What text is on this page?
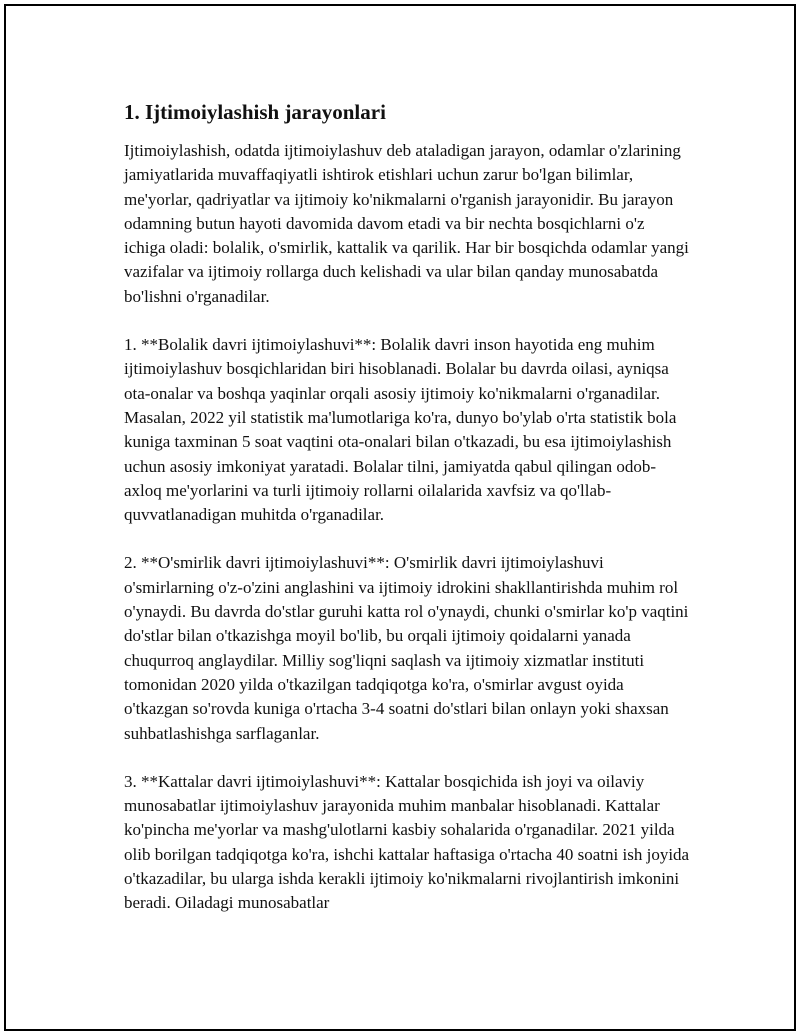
1. Ijtimoiylashish jarayonlari

Ijtimoiylashish, odatda ijtimoiylashuv deb ataladigan jarayon, odamlar o'zlarining jamiyatlarida muvaffaqiyatli ishtirok etishlari uchun zarur bo'lgan bilimlar, me'yorlar, qadriyatlar va ijtimoiy ko'nikmalarni o'rganish jarayonidir. Bu jarayon odamning butun hayoti davomida davom etadi va bir nechta bosqichlarni o'z ichiga oladi: bolalik, o'smirlik, kattalik va qarilik. Har bir bosqichda odamlar yangi vazifalar va ijtimoiy rollarga duch kelishadi va ular bilan qanday munosabatda bo'lishni o'rganadilar.

1. **Bolalik davri ijtimoiylashuvi**: Bolalik davri inson hayotida eng muhim ijtimoiylashuv bosqichlaridan biri hisoblanadi. Bolalar bu davrda oilasi, ayniqsa ota-onalar va boshqa yaqinlar orqali asosiy ijtimoiy ko'nikmalarni o'rganadilar. Masalan, 2022 yil statistik ma'lumotlariga ko'ra, dunyo bo'ylab o'rta statistik bola kuniga taxminan 5 soat vaqtini ota-onalari bilan o'tkazadi, bu esa ijtimoiylashish uchun asosiy imkoniyat yaratadi. Bolalar tilni, jamiyatda qabul qilingan odob-axloq me'yorlarini va turli ijtimoiy rollarni oilalarida xavfsiz va qo'llab-quvvatlanadigan muhitda o'rganadilar.

2. **O'smirlik davri ijtimoiylashuvi**: O'smirlik davri ijtimoiylashuvi o'smirlarning o'z-o'zini anglashini va ijtimoiy idrokini shakllantirishda muhim rol o'ynaydi. Bu davrda do'stlar guruhi katta rol o'ynaydi, chunki o'smirlar ko'p vaqtini do'stlar bilan o'tkazishga moyil bo'lib, bu orqali ijtimoiy qoidalarni yanada chuqurroq anglaydilar. Milliy sog'liqni saqlash va ijtimoiy xizmatlar instituti tomonidan 2020 yilda o'tkazilgan tadqiqotga ko'ra, o'smirlar avgust oyida o'tkazgan so'rovda kuniga o'rtacha 3-4 soatni do'stlari bilan onlayn yoki shaxsan suhbatlashishga sarflaganlar.

3. **Kattalar davri ijtimoiylashuvi**: Kattalar bosqichida ish joyi va oilaviy munosabatlar ijtimoiylashuv jarayonida muhim manbalar hisoblanadi. Kattalar ko'pincha me'yorlar va mashg'ulotlarni kasbiy sohalarida o'rganadilar. 2021 yilda olib borilgan tadqiqotga ko'ra, ishchi kattalar haftasiga o'rtacha 40 soatni ish joyida o'tkazadilar, bu ularga ishda kerakli ijtimoiy ko'nikmalarni rivojlantirish imkonini beradi. Oiladagi munosabatlar
